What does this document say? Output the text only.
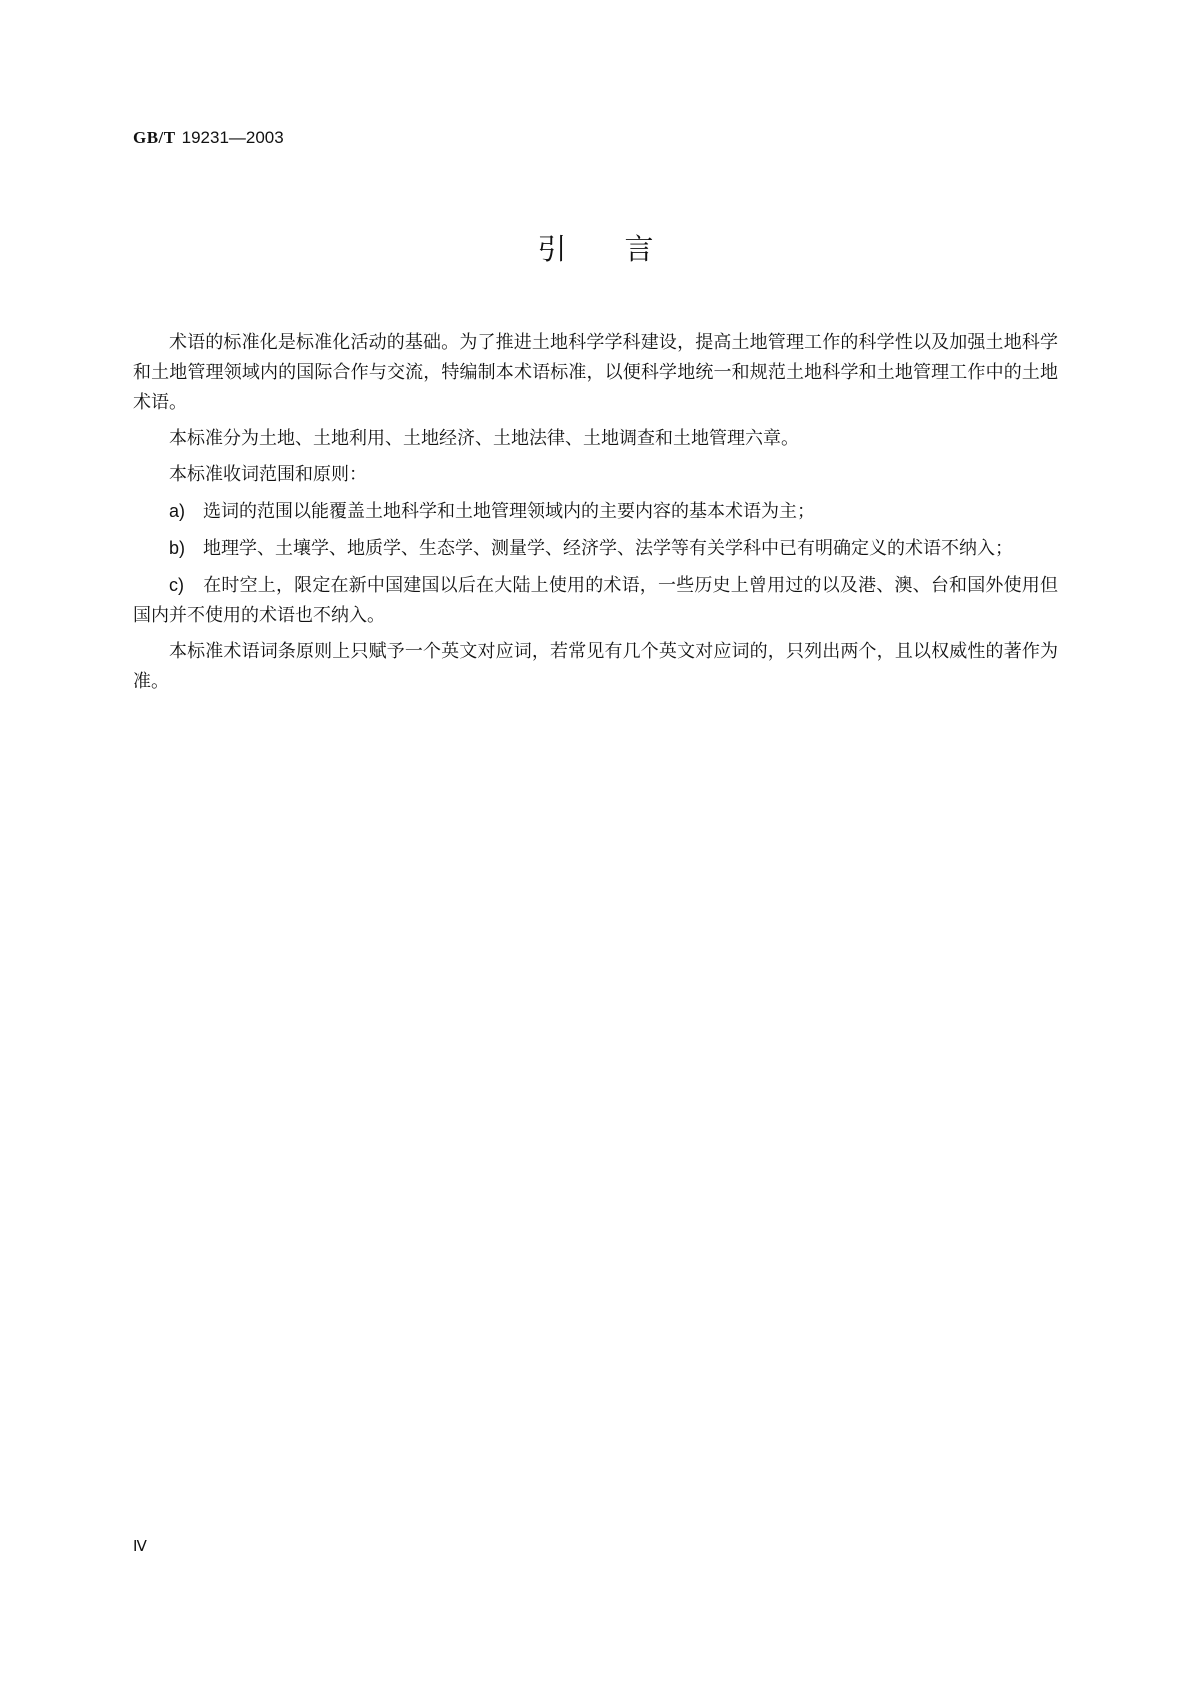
GB/T 19231—2003
引言

术语的标准化是标准化活动的基础。为了推进土地科学学科建设，提高土地管理工作的科学性以及加强土地科学和土地管理领域内的国际合作与交流，特编制本术语标准，以便科学地统一和规范土地科学和土地管理工作中的土地术语。

本标准分为土地、土地利用、土地经济、土地法律、土地调查和土地管理六章。

本标准收词范围和原则：

a) 选词的范围以能覆盖土地科学和土地管理领域内的主要内容的基本术语为主；

b) 地理学、土壤学、地质学、生态学、测量学、经济学、法学等有关学科中已有明确定义的术语不纳入；

c) 在时空上，限定在新中国建国以后在大陆上使用的术语，一些历史上曾用过的以及港、澳、台和国外使用但国内并不使用的术语也不纳入。

本标准术语词条原则上只赋予一个英文对应词，若常见有几个英文对应词的，只列出两个，且以权威性的著作为准。

Ⅳ
